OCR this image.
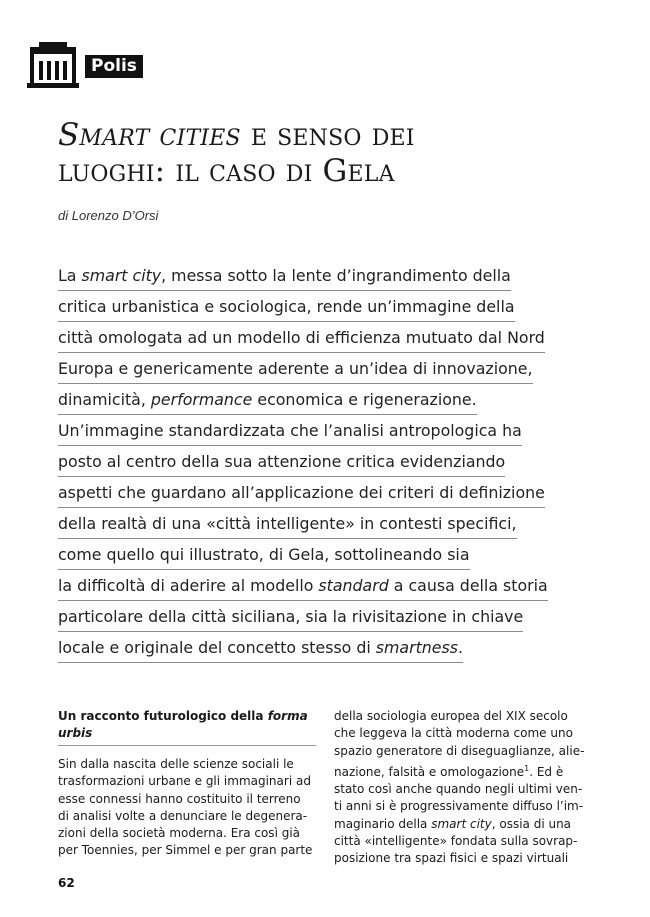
Polis
Smart cities e senso dei
luoghi: il caso di Gela
di Lorenzo D’Orsi
La smart city, messa sotto la lente d’ingrandimento della
critica urbanistica e sociologica, rende un’immagine della
città omologata ad un modello di efficienza mutuato dal Nord
Europa e genericamente aderente a un’idea di innovazione,
dinamicità, performance economica e rigenerazione.
Un’immagine standardizzata che l’analisi antropologica ha
posto al centro della sua attenzione critica evidenziando
aspetti che guardano all’applicazione dei criteri di definizione
della realtà di una «città intelligente» in contesti specifici,
come quello qui illustrato, di Gela, sottolineando sia
la difficoltà di aderire al modello standard a causa della storia
particolare della città siciliana, sia la rivisitazione in chiave
locale e originale del concetto stesso di smartness.
Un racconto futurologico della forma
urbis
Sin dalla nascita delle scienze sociali le
trasformazioni urbane e gli immaginari ad
esse connessi hanno costituito il terreno
di analisi volte a denunciare le degenera-
zioni della società moderna. Era così già
per Toennies, per Simmel e per gran parte
della sociologia europea del XIX secolo
che leggeva la città moderna come uno
spazio generatore di diseguaglianze, alie-
nazione, falsità e omologazione$^1$. Ed è
stato così anche quando negli ultimi ven-
ti anni si è progressivamente diffuso l’im-
maginario della smart city, ossia di una
città «intelligente» fondata sulla sovrap-
posizione tra spazi fisici e spazi virtuali
62
